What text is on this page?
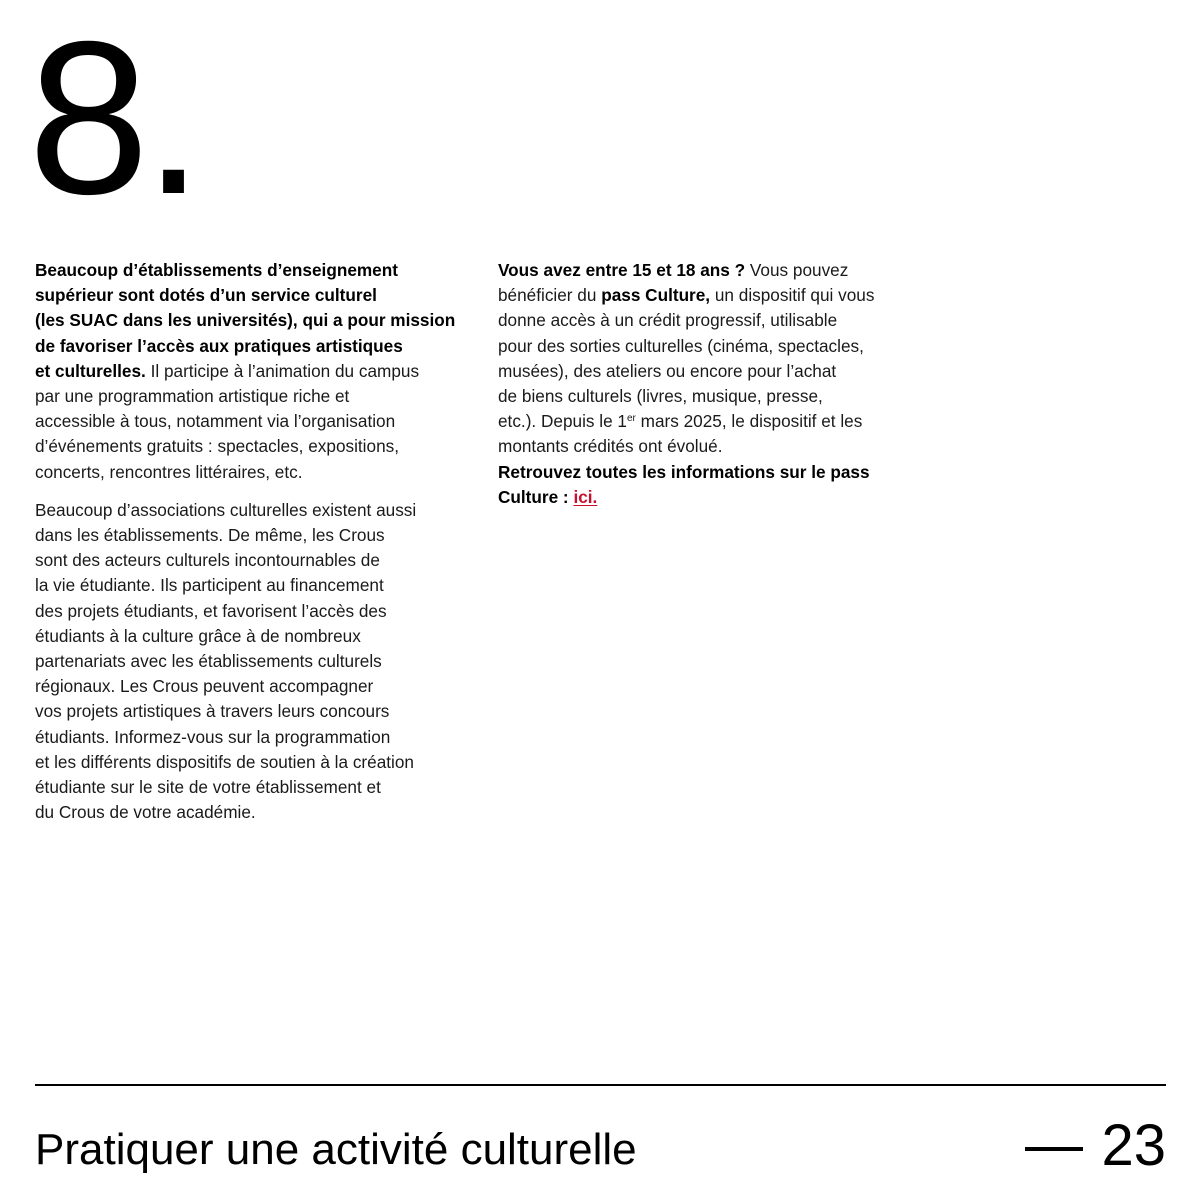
8.

Beaucoup d’établissements d’enseignement
supérieur sont dotés d’un service culturel
(les SUAC dans les universités), qui a pour mission
de favoriser l’accès aux pratiques artistiques
et culturelles. Il participe à l’animation du campus
par une programmation artistique riche et
accessible à tous, notamment via l’organisation
d’événements gratuits : spectacles, expositions,
concerts, rencontres littéraires, etc.

Beaucoup d’associations culturelles existent aussi
dans les établissements. De même, les Crous
sont des acteurs culturels incontournables de
la vie étudiante. Ils participent au financement
des projets étudiants, et favorisent l’accès des
étudiants à la culture grâce à de nombreux
partenariats avec les établissements culturels
régionaux. Les Crous peuvent accompagner
vos projets artistiques à travers leurs concours
étudiants. Informez-vous sur la programmation
et les différents dispositifs de soutien à la création
étudiante sur le site de votre établissement et
du Crous de votre académie.

Vous avez entre 15 et 18 ans ? Vous pouvez
bénéficier du pass Culture, un dispositif qui vous
donne accès à un crédit progressif, utilisable
pour des sorties culturelles (cinéma, spectacles,
musées), des ateliers ou encore pour l’achat
de biens culturels (livres, musique, presse,
etc.). Depuis le 1er mars 2025, le dispositif et les
montants crédités ont évolué.
Retrouvez toutes les informations sur le pass
Culture : ici.

Pratiquer une activité culturelle	23
